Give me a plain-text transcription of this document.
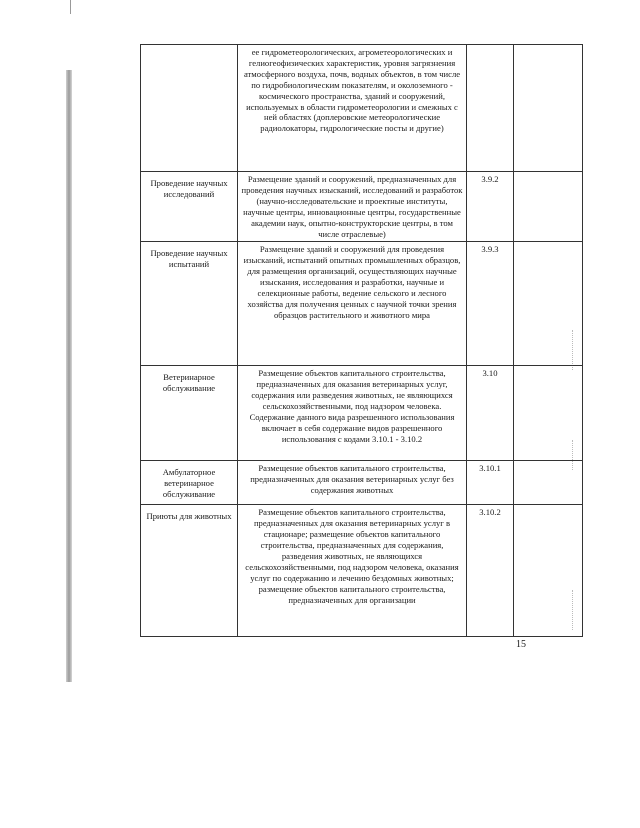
	ее гидрометеорологических, агрометеорологических и гелиогеофизических характеристик, уровня загрязнения атмосферного воздуха, почв, водных объектов, в том числе по гидробиологическим показателям, и околоземного - космического пространства, зданий и сооружений, используемых в области гидрометеорологии и смежных с ней областях (доплеровские метеорологические радиолокаторы, гидрологические посты и другие)		

Проведение научных исследований	Размещение зданий и сооружений, предназначенных для проведения научных изысканий, исследований и разработок (научно-исследовательские и проектные институты, научные центры, инновационные центры, государственные академии наук, опытно-конструкторские центры, в том числе отраслевые)	3.9.2	

Проведение научных испытаний	Размещение зданий и сооружений для проведения изысканий, испытаний опытных промышленных образцов, для размещения организаций, осуществляющих научные изыскания, исследования и разработки, научные и селекционные работы, ведение сельского и лесного хозяйства для получения ценных с научной точки зрения образцов растительного и животного мира	3.9.3	

Ветеринарное обслуживание	Размещение объектов капитального строительства, предназначенных для оказания ветеринарных услуг, содержания или разведения животных, не являющихся сельскохозяйственными, под надзором человека. Содержание данного вида разрешенного использования включает в себя содержание видов разрешенного использования с кодами 3.10.1 - 3.10.2	3.10	

Амбулаторное ветеринарное обслуживание	Размещение объектов капитального строительства, предназначенных для оказания ветеринарных услуг без содержания животных	3.10.1	

Приюты для животных	Размещение объектов капитального строительства, предназначенных для оказания ветеринарных услуг в стационаре; размещение объектов капитального строительства, предназначенных для содержания, разведения животных, не являющихся сельскохозяйственными, под надзором человека, оказания услуг по содержанию и лечению бездомных животных; размещение объектов капитального строительства, предназначенных для организации	3.10.2	
15
